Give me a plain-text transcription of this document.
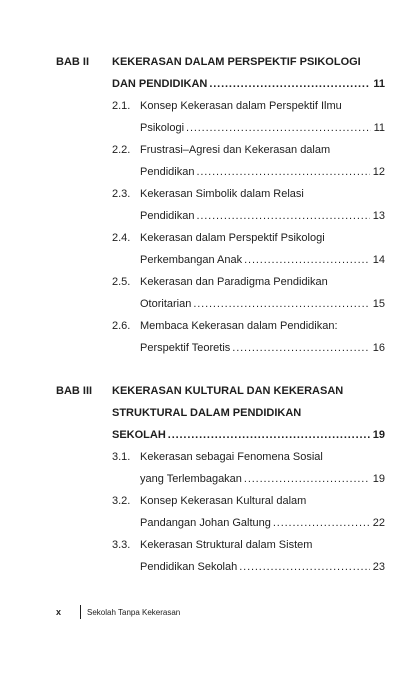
BAB II KEKERASAN DALAM PERSPEKTIF PSIKOLOGI
DAN PENDIDIKAN . . .	11
2.1. Konsep Kekerasan dalam Perspektif Ilmu
Psikologi . . .	11
2.2. Frustrasi–Agresi dan Kekerasan dalam
Pendidikan . . .	12
2.3. Kekerasan Simbolik dalam Relasi
Pendidikan . . .	13
2.4. Kekerasan dalam Perspektif Psikologi
Perkembangan Anak . . .	14
2.5. Kekerasan dan Paradigma Pendidikan
Otoritarian . . .	15
2.6. Membaca Kekerasan dalam Pendidikan:
Perspektif Teoretis . . .	16
BAB III KEKERASAN KULTURAL DAN KEKERASAN
STRUKTURAL DALAM PENDIDIKAN
SEKOLAH . . .	19
3.1. Kekerasan sebagai Fenomena Sosial
yang Terlembagakan . . .	19
3.2. Konsep Kekerasan Kultural dalam
Pandangan Johan Galtung . . .	22
3.3. Kekerasan Struktural dalam Sistem
Pendidikan Sekolah . . .	23
x	Sekolah Tanpa Kekerasan
